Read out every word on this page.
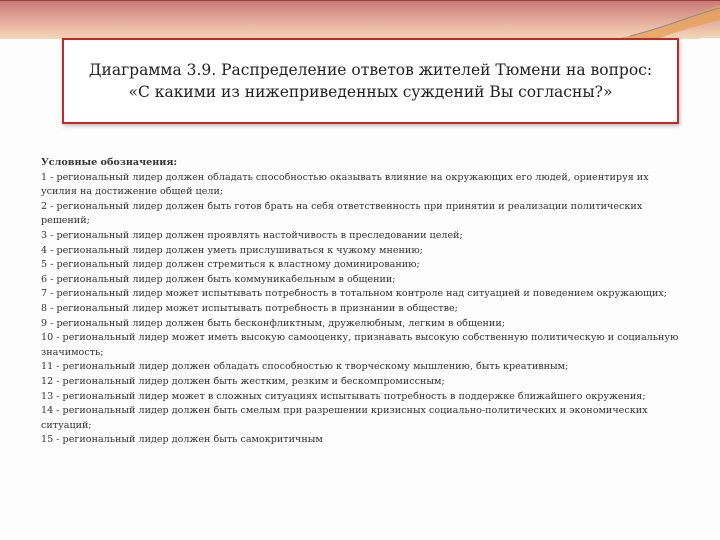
Диаграмма 3.9. Распределение ответов жителей Тюмени на вопрос: «С какими из нижеприведенных суждений Вы согласны?»
Условные обозначения:
1 - региональный лидер должен обладать способностью оказывать влияние на окружающих его людей, ориентируя их усилия на достижение общей цели;
2 - региональный лидер должен быть готов брать на себя ответственность при принятии и реализации политических решений;
3 - региональный лидер должен проявлять настойчивость в преследовании целей;
4 - региональный лидер должен уметь прислушиваться к чужому мнению;
5 - региональный лидер должен стремиться к властному доминированию;
6 - региональный лидер должен быть коммуникабельным в общении;
7 - региональный лидер может испытывать потребность в тотальном контроле над ситуацией и поведением окружающих;
8 - региональный лидер может испытывать потребность в признании в обществе;
9 - региональный лидер должен быть бесконфликтным, дружелюбным, легким в общении;
10 - региональный лидер может иметь высокую самооценку, признавать высокую собственную политическую и социальную значимость;
11 - региональный лидер должен обладать способностью к творческому мышлению, быть креативным;
12 - региональный лидер должен быть жестким, резким и бескомпромиссным;
13 - региональный лидер может в сложных ситуациях испытывать потребность в поддержке ближайшего окружения;
14 - региональный лидер должен быть смелым при разрешении кризисных социально-политических и экономических ситуаций;
15 - региональный лидер должен быть самокритичным
